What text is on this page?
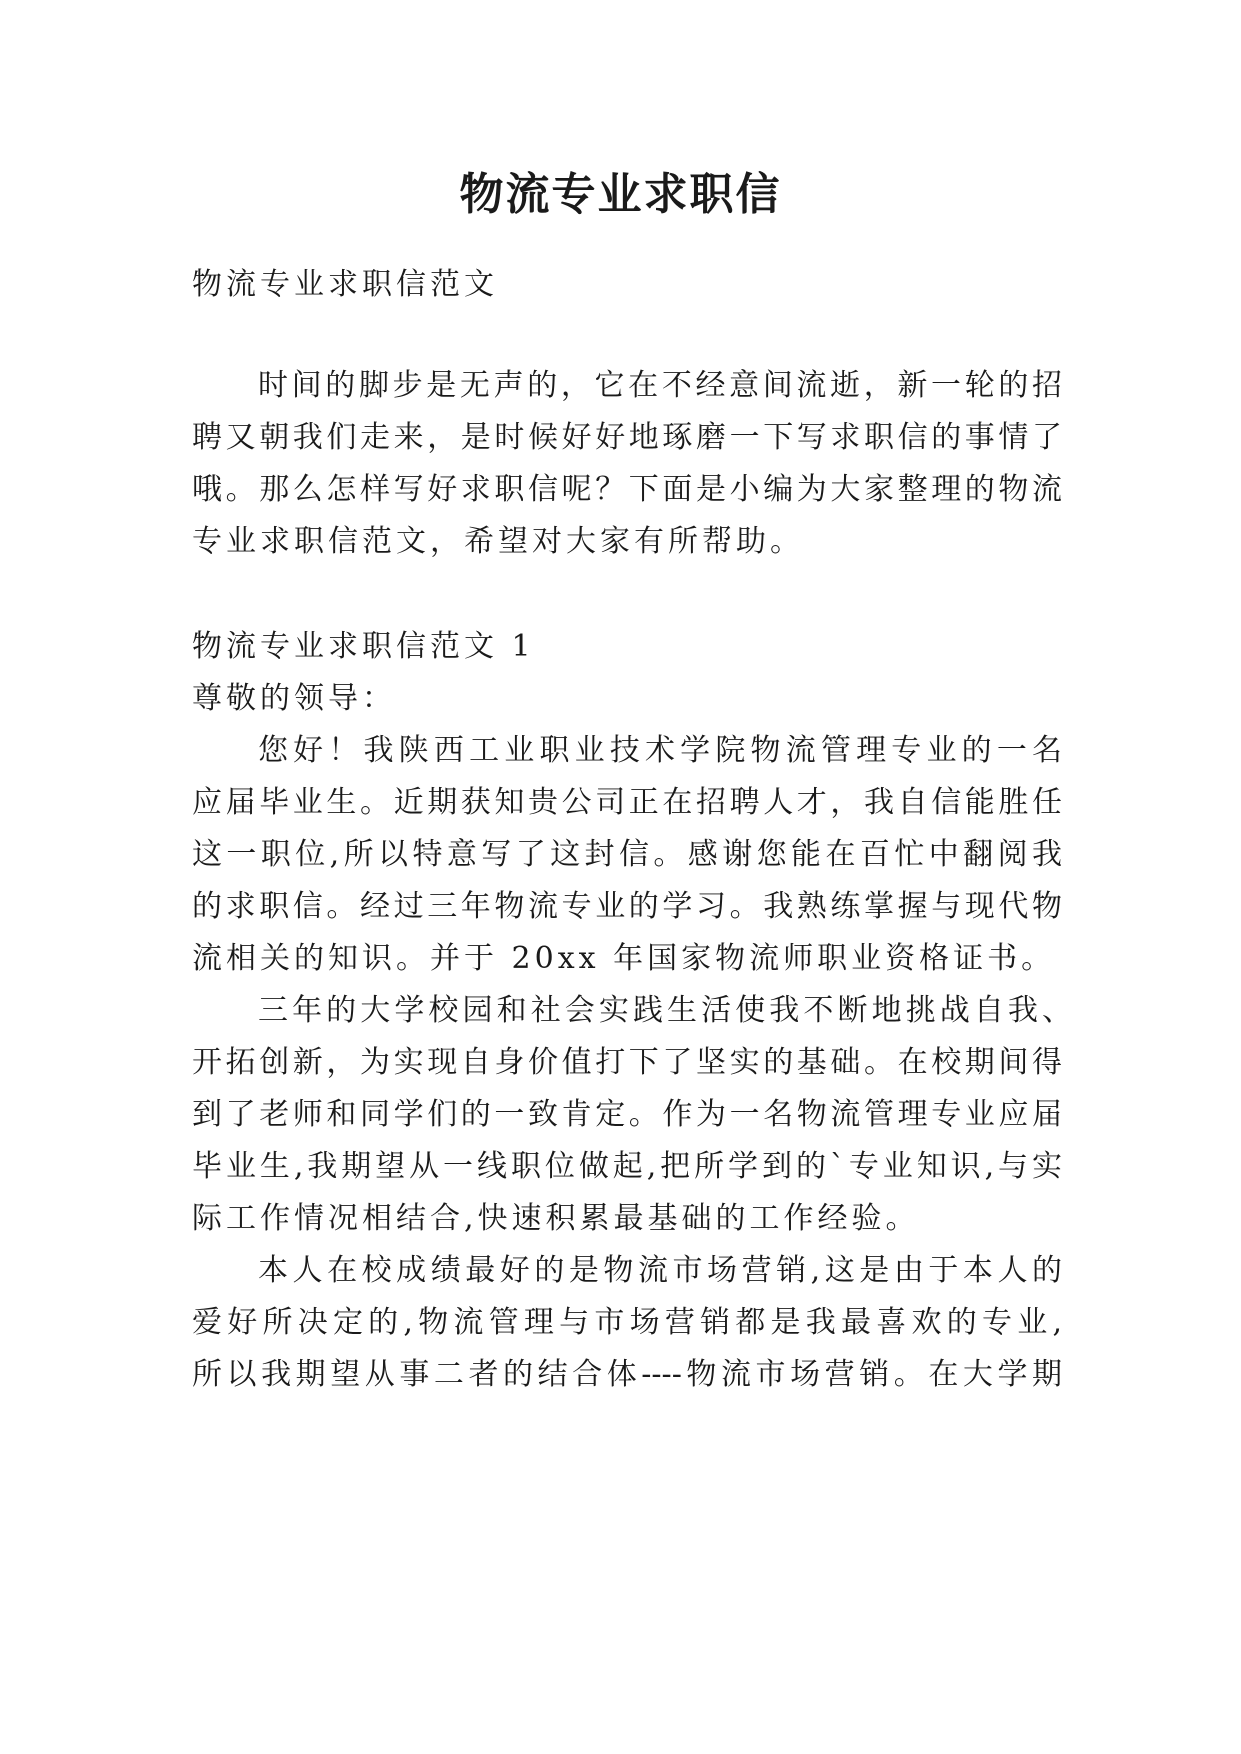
物流专业求职信
物流专业求职信范文
时间的脚步是无声的，它在不经意间流逝，新一轮的招
聘又朝我们走来，是时候好好地琢磨一下写求职信的事情了
哦。那么怎样写好求职信呢？下面是小编为大家整理的物流
专业求职信范文，希望对大家有所帮助。
物流专业求职信范文 1
尊敬的领导：
您好！我陕西工业职业技术学院物流管理专业的一名
应届毕业生。近期获知贵公司正在招聘人才，我自信能胜任
这一职位,所以特意写了这封信。感谢您能在百忙中翻阅我
的求职信。经过三年物流专业的学习。我熟练掌握与现代物
流相关的知识。并于 20xx 年国家物流师职业资格证书。
三年的大学校园和社会实践生活使我不断地挑战自我、
开拓创新，为实现自身价值打下了坚实的基础。在校期间得
到了老师和同学们的一致肯定。作为一名物流管理专业应届
毕业生,我期望从一线职位做起,把所学到的`专业知识,与实
际工作情况相结合,快速积累最基础的工作经验。
本人在校成绩最好的是物流市场营销,这是由于本人的
爱好所决定的,物流管理与市场营销都是我最喜欢的专业,
所以我期望从事二者的结合体----物流市场营销。在大学期
